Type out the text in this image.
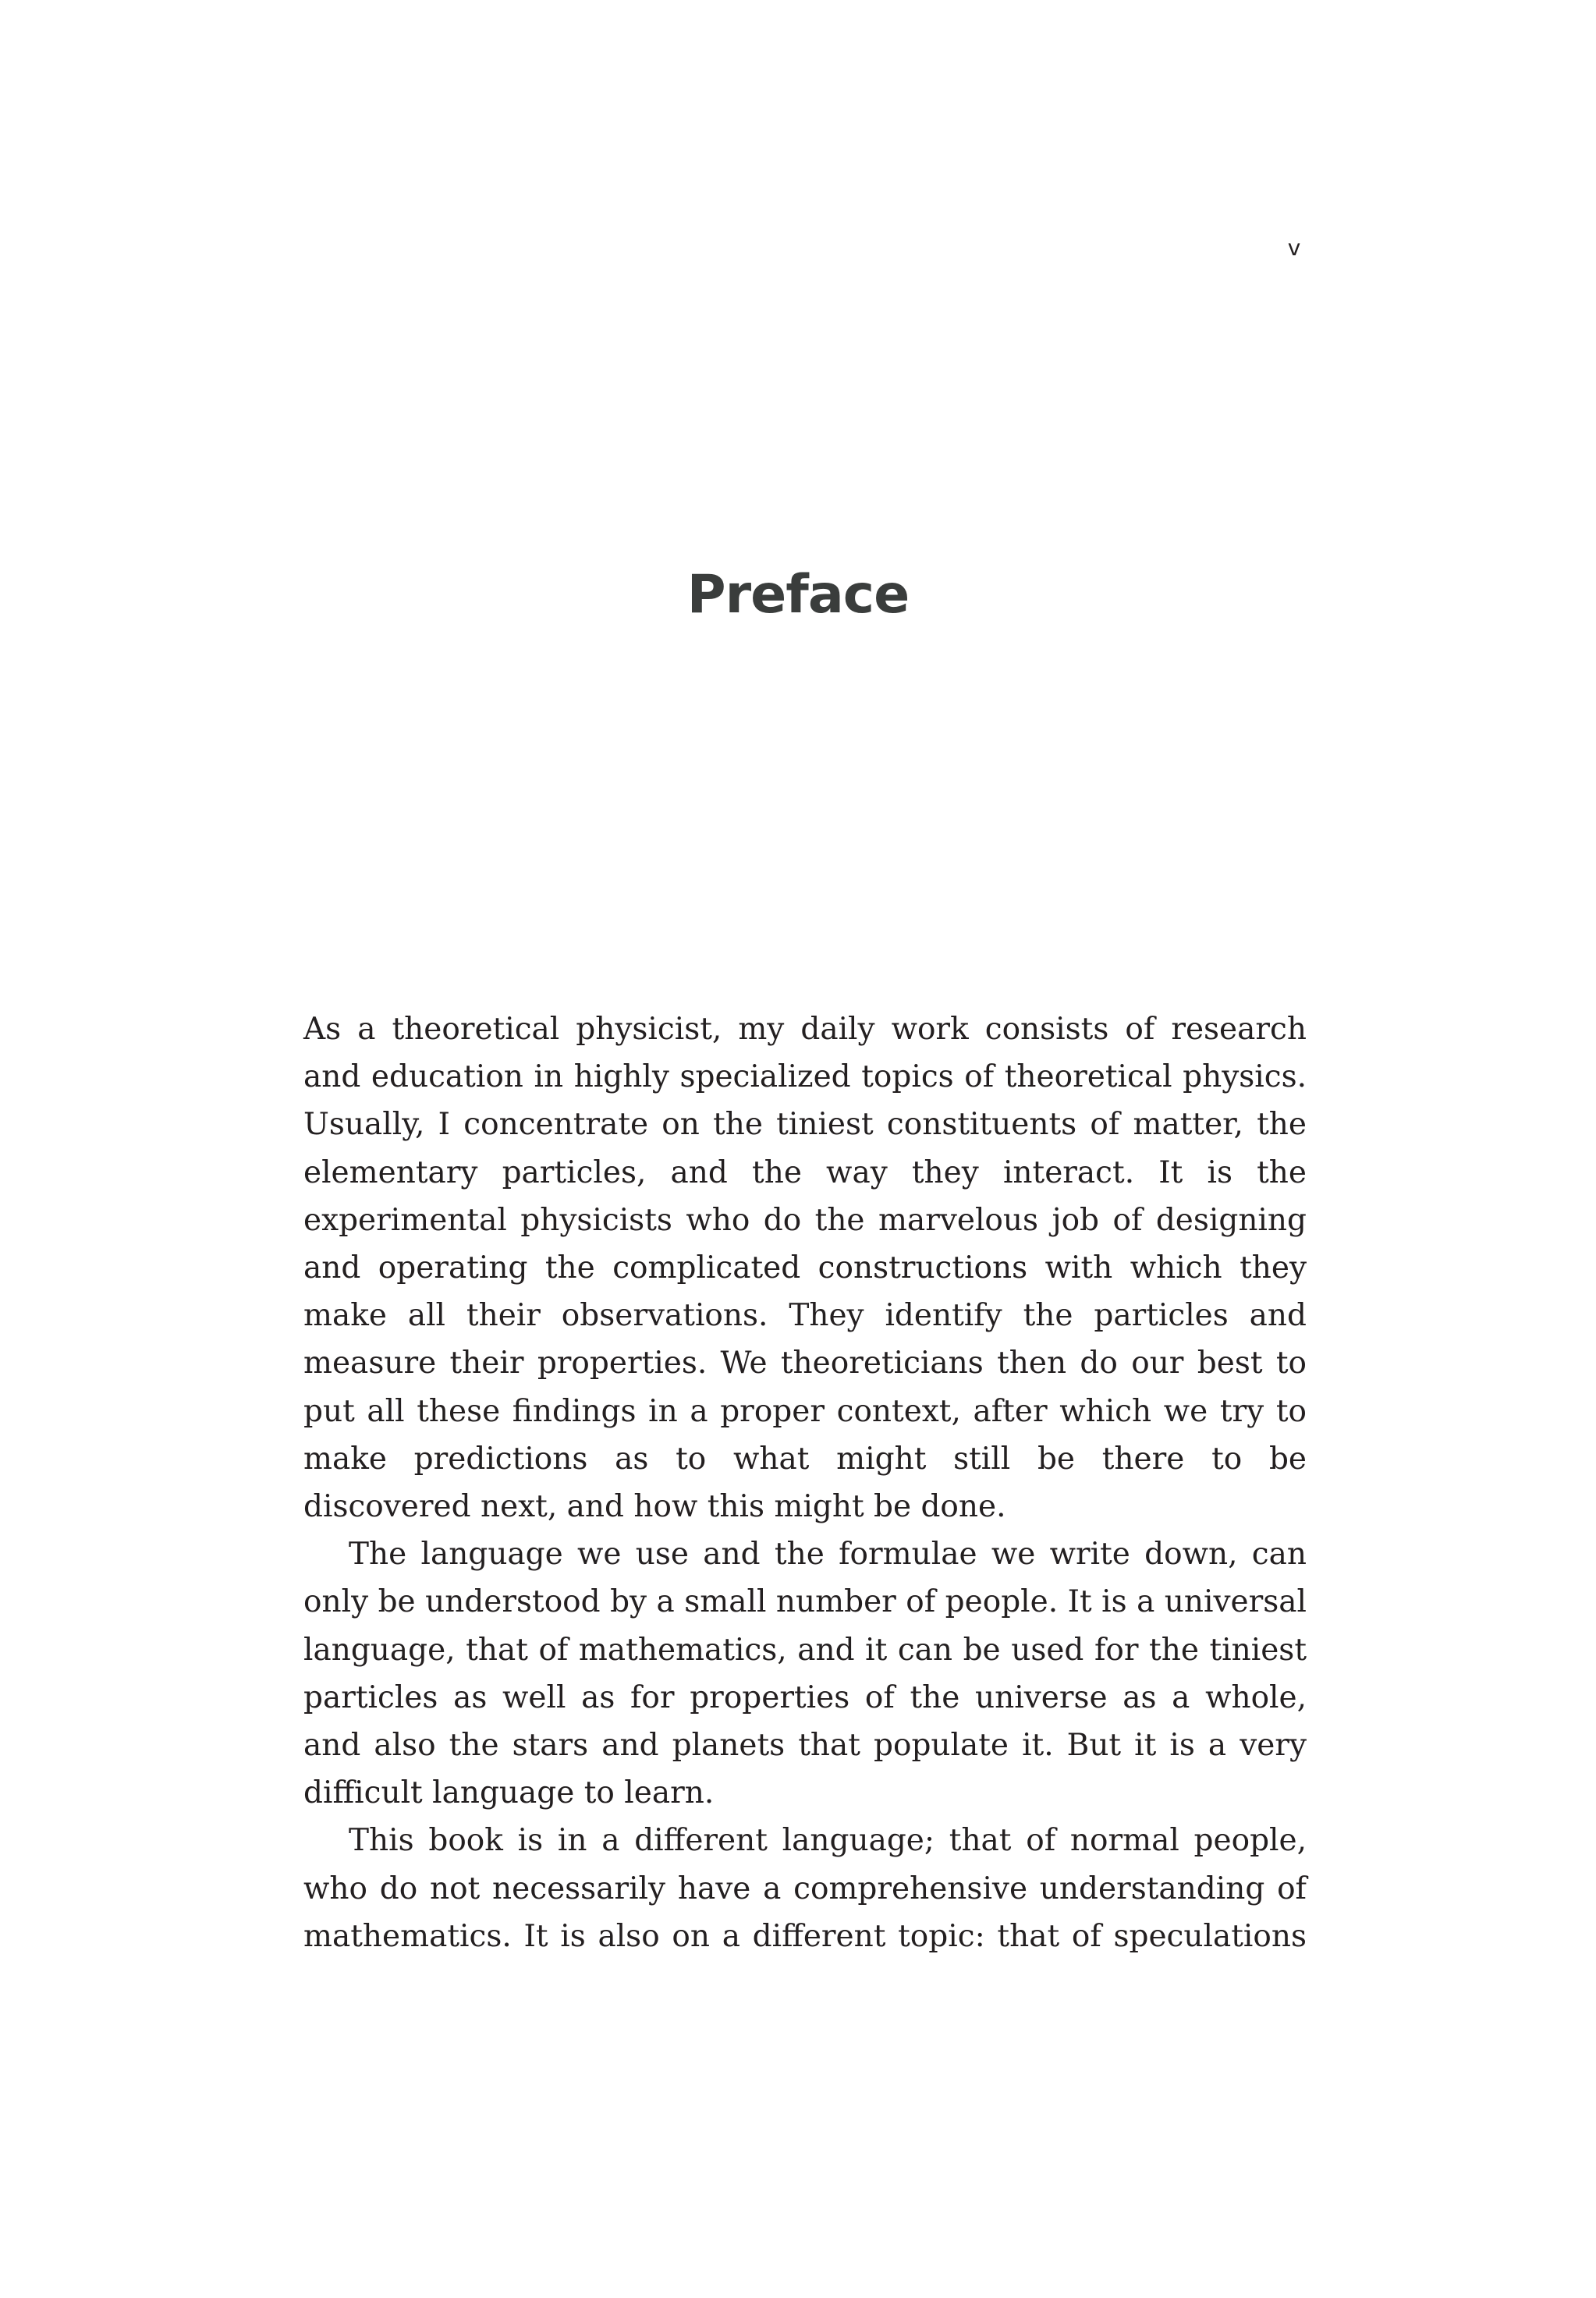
v
Preface

As a theoretical physicist, my daily work consists of research and education in highly specialized topics of theoretical physics. Usually, I concentrate on the tiniest constituents of matter, the elementary particles, and the way they interact. It is the experimental physicists who do the marvelous job of designing and operating the complicated constructions with which they make all their observations. They identify the particles and measure their properties. We theoreticians then do our best to put all these findings in a proper context, after which we try to make predictions as to what might still be there to be discovered next, and how this might be done.

The language we use and the formulae we write down, can only be understood by a small number of people. It is a universal language, that of mathematics, and it can be used for the tiniest particles as well as for properties of the universe as a whole, and also the stars and planets that populate it. But it is a very difficult language to learn.

This book is in a different language; that of normal people, who do not necessarily have a comprehensive understanding of mathematics. It is also on a different topic: that of speculations
